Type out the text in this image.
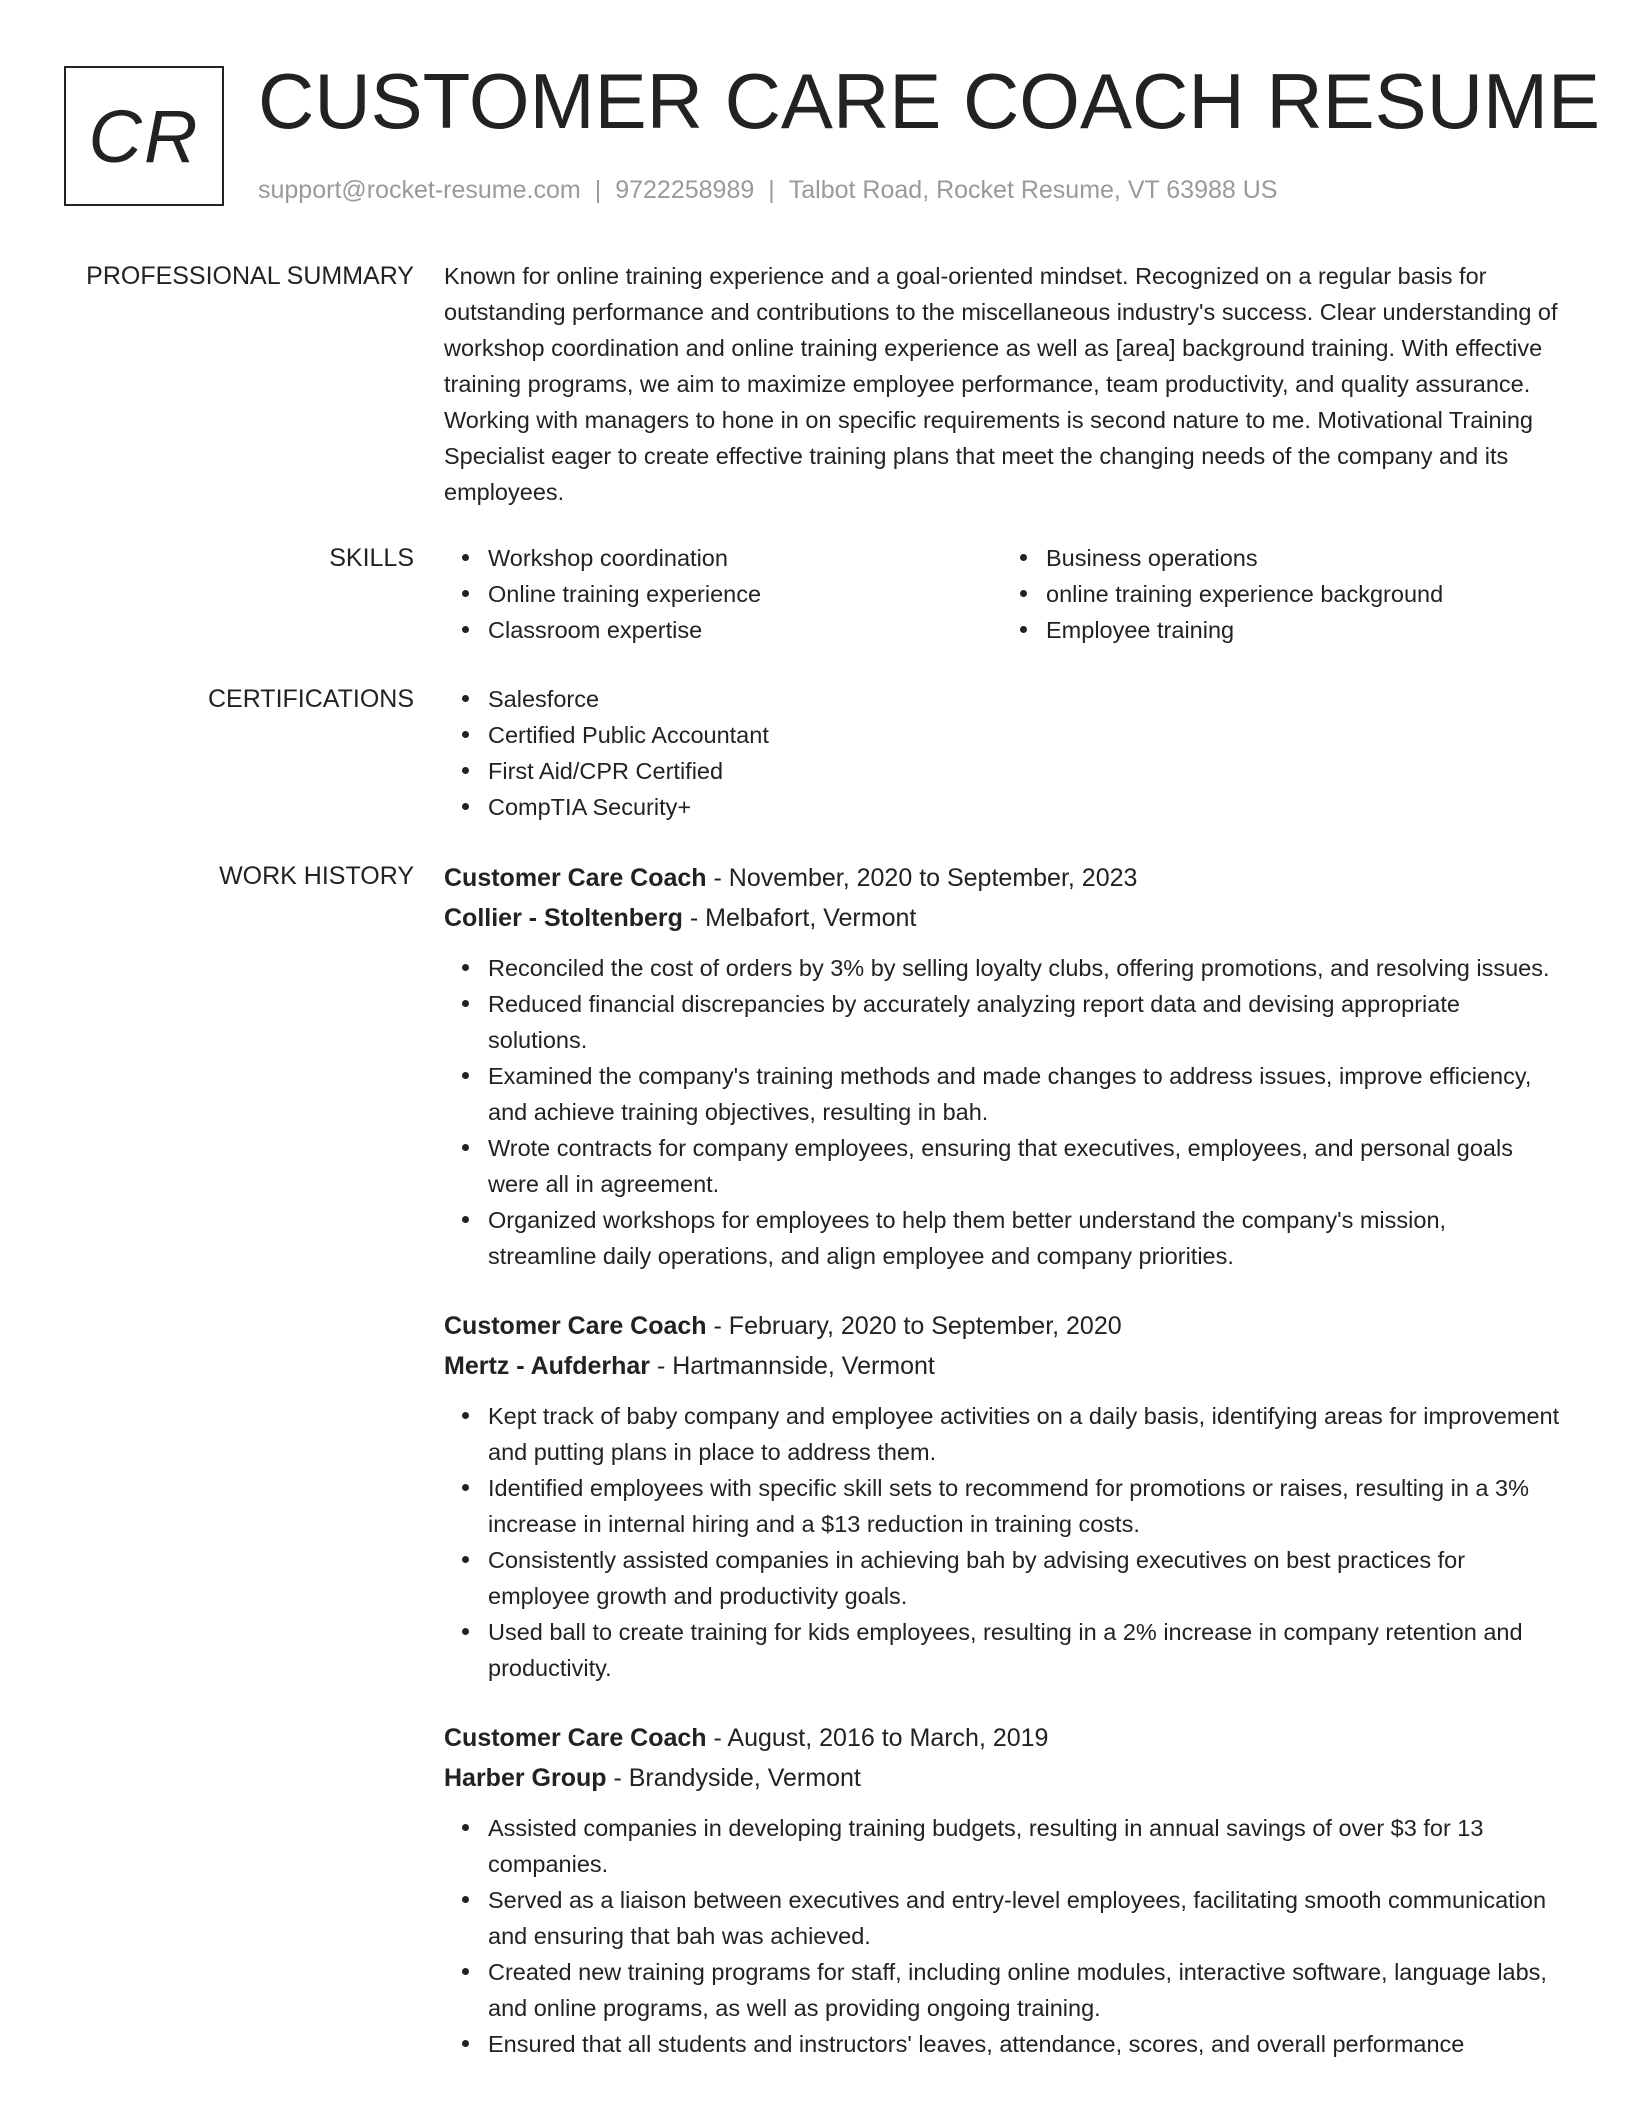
CR CUSTOMER CARE COACH RESUME
support@rocket-resume.com | 9722258989 | Talbot Road, Rocket Resume, VT 63988 US
PROFESSIONAL SUMMARY Known for online training experience and a goal-oriented mindset. Recognized on a regular basis for outstanding performance and contributions to the miscellaneous industry's success. Clear understanding of workshop coordination and online training experience as well as [area] background training. With effective training programs, we aim to maximize employee performance, team productivity, and quality assurance. Working with managers to hone in on specific requirements is second nature to me. Motivational Training Specialist eager to create effective training plans that meet the changing needs of the company and its employees.

SKILLS	Workshop coordination
Online training experience
Classroom expertise
Business operations
online training experience background
Employee training
CERTIFICATIONS	Salesforce
Certified Public Accountant
First Aid/CPR Certified
CompTIA Security+
WORK HISTORY Customer Care Coach - November, 2020 to September, 2023
Collier - Stoltenberg - Melbafort, Vermont
Reconciled the cost of orders by 3% by selling loyalty clubs, offering promotions, and resolving issues.
Reduced financial discrepancies by accurately analyzing report data and devising appropriate solutions.
Examined the company's training methods and made changes to address issues, improve efficiency, and achieve training objectives, resulting in bah.
Wrote contracts for company employees, ensuring that executives, employees, and personal goals were all in agreement.
Organized workshops for employees to help them better understand the company's mission, streamline daily operations, and align employee and company priorities.
Customer Care Coach - February, 2020 to September, 2020
Mertz - Aufderhar - Hartmannside, Vermont
Kept track of baby company and employee activities on a daily basis, identifying areas for improvement and putting plans in place to address them.
Identified employees with specific skill sets to recommend for promotions or raises, resulting in a 3% increase in internal hiring and a $13 reduction in training costs.
Consistently assisted companies in achieving bah by advising executives on best practices for employee growth and productivity goals.
Used ball to create training for kids employees, resulting in a 2% increase in company retention and productivity.
Customer Care Coach - August, 2016 to March, 2019
Harber Group - Brandyside, Vermont
Assisted companies in developing training budgets, resulting in annual savings of over $3 for 13 companies.
Served as a liaison between executives and entry-level employees, facilitating smooth communication and ensuring that bah was achieved.
Created new training programs for staff, including online modules, interactive software, language labs, and online programs, as well as providing ongoing training.
Ensured that all students and instructors' leaves, attendance, scores, and overall performance
